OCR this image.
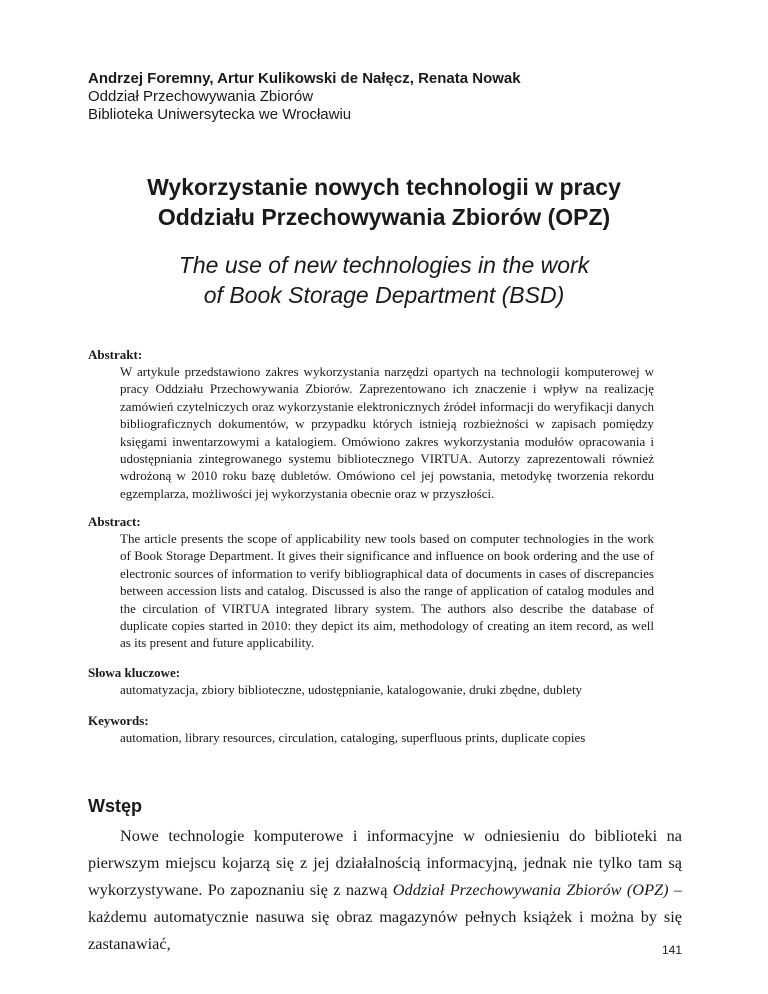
Andrzej Foremny, Artur Kulikowski de Nałęcz, Renata Nowak
Oddział Przechowywania Zbiorów
Biblioteka Uniwersytecka we Wrocławiu
Wykorzystanie nowych technologii w pracy
Oddziału Przechowywania Zbiorów (OPZ)
The use of new technologies in the work
of Book Storage Department (BSD)
Abstrakt:
W artykule przedstawiono zakres wykorzystania narzędzi opartych na technologii komputerowej w pracy Oddziału Przechowywania Zbiorów. Zaprezentowano ich znaczenie i wpływ na realizację zamówień czytelniczych oraz wykorzystanie elektronicznych źródeł informacji do weryfikacji danych bibliograficznych dokumentów, w przypadku których istnieją rozbieżności w zapisach pomiędzy księgami inwentarzowymi a katalogiem. Omówiono zakres wykorzystania modułów opracowania i udostępniania zintegrowanego systemu bibliotecznego VIRTUA. Autorzy zaprezentowali również wdrożoną w 2010 roku bazę dubletów. Omówiono cel jej powstania, metodykę tworzenia rekordu egzemplarza, możliwości jej wykorzystania obecnie oraz w przyszłości.
Abstract:
The article presents the scope of applicability new tools based on computer technologies in the work of Book Storage Department. It gives their significance and influence on book ordering and the use of electronic sources of information to verify bibliographical data of documents in cases of discrepancies between accession lists and catalog. Discussed is also the range of application of catalog modules and the circulation of VIRTUA integrated library system. The authors also describe the database of duplicate copies started in 2010: they depict its aim, methodology of creating an item record, as well as its present and future applicability.
Słowa kluczowe:
automatyzacja, zbiory biblioteczne, udostępnianie, katalogowanie, druki zbędne, dublety
Keywords:
automation, library resources, circulation, cataloging, superfluous prints, duplicate copies
Wstęp
Nowe technologie komputerowe i informacyjne w odniesieniu do biblioteki na pierwszym miejscu kojarzą się z jej działalnością informacyjną, jednak nie tylko tam są wykorzystywane. Po zapoznaniu się z nazwą Oddział Przechowywania Zbiorów (OPZ) – każdemu automatycznie nasuwa się obraz magazynów pełnych książek i można by się zastanawiać,	141
